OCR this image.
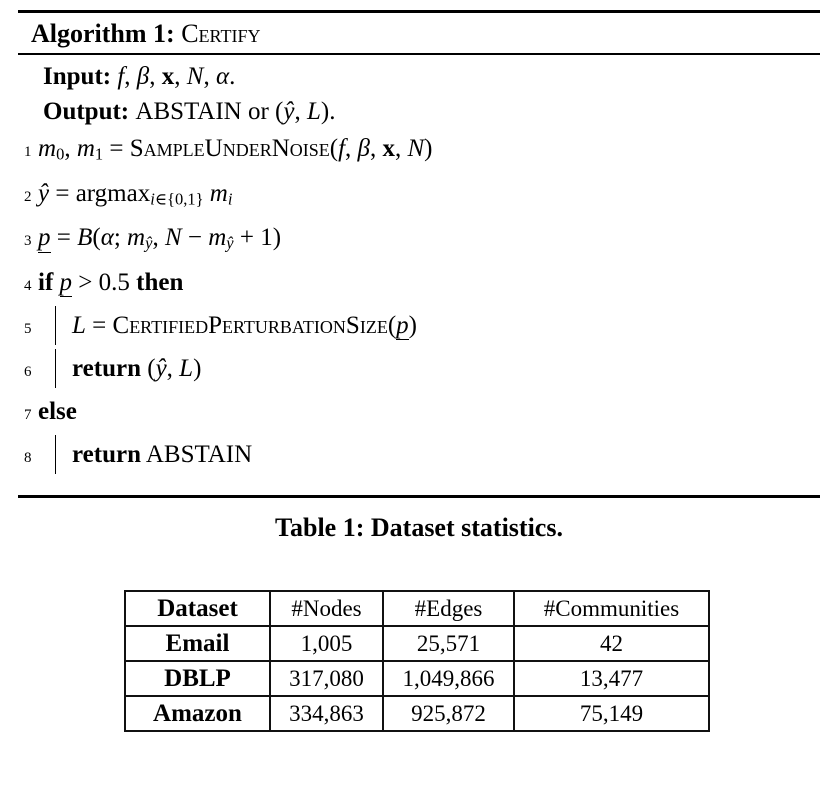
Algorithm 1: Certify
Input: f, β, x, N, α.
Output: ABSTAIN or (ŷ, L).
1 m0, m1 = SampleUnderNoise(f, β, x, N)
2 ŷ = argmaxi∈{0,1} mi
3 p = B(α; mŷ, N − mŷ + 1)
4 if p > 0.5 then
5	L = CertifiedPerturbationSize(p)
6	return (ŷ, L)
7 else
8	return ABSTAIN
Table 1: Dataset statistics.
Dataset	#Nodes	#Edges	#Communities
Email	1,005	25,571	42
DBLP	317,080	1,049,866	13,477
Amazon	334,863	925,872	75,149
